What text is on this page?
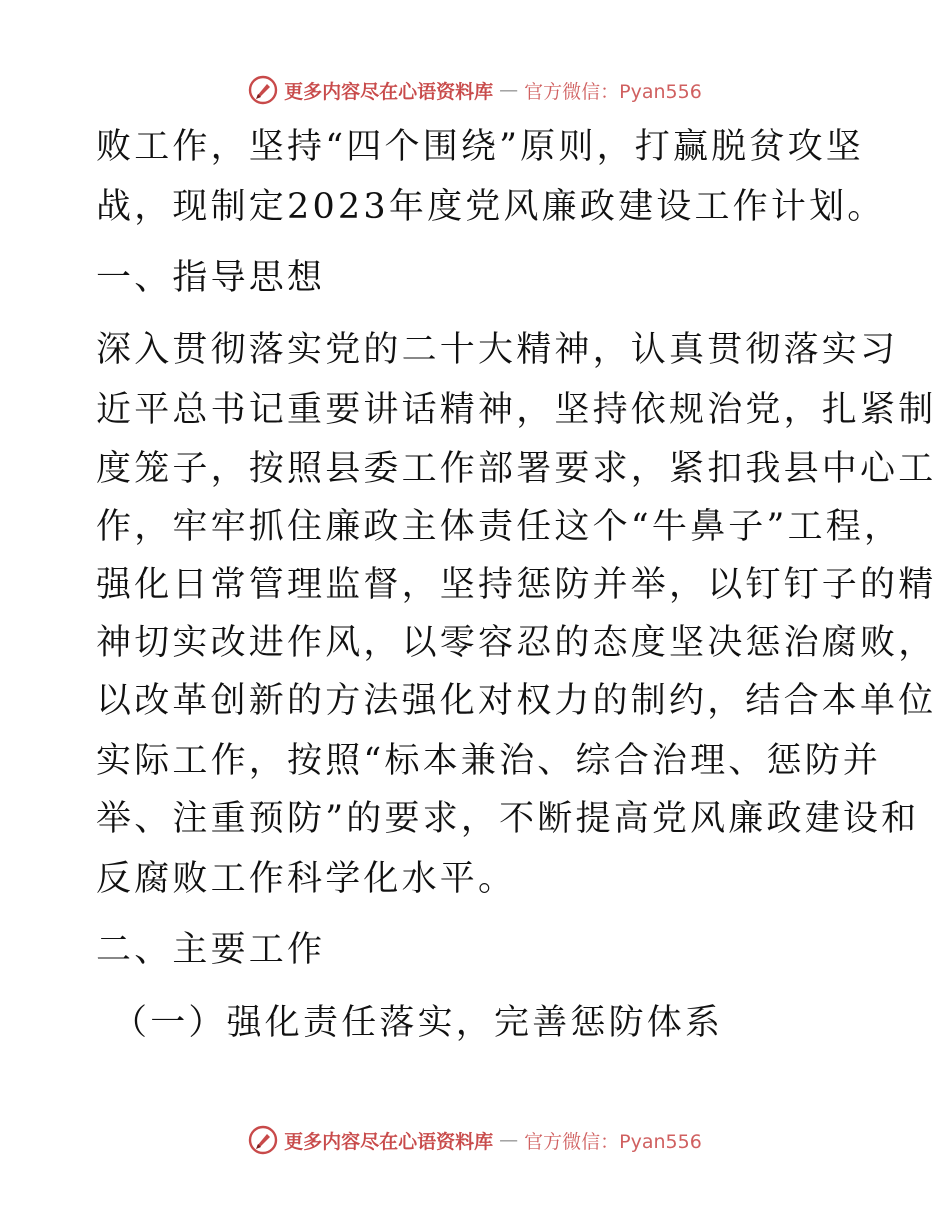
更多内容尽在心语资料库 — 官方微信：Pyan556
败工作，坚持“四个围绕”原则，打赢脱贫攻坚
战，现制定2023年度党风廉政建设工作计划。
一、指导思想
深入贯彻落实党的二十大精神，认真贯彻落实习
近平总书记重要讲话精神，坚持依规治党，扎紧制
度笼子，按照县委工作部署要求，紧扣我县中心工
作，牢牢抓住廉政主体责任这个“牛鼻子”工程，
强化日常管理监督，坚持惩防并举，以钉钉子的精
神切实改进作风，以零容忍的态度坚决惩治腐败，
以改革创新的方法强化对权力的制约，结合本单位
实际工作，按照“标本兼治、综合治理、惩防并
举、注重预防”的要求，不断提高党风廉政建设和
反腐败工作科学化水平。
二、主要工作
（一）强化责任落实，完善惩防体系
更多内容尽在心语资料库 — 官方微信：Pyan556
